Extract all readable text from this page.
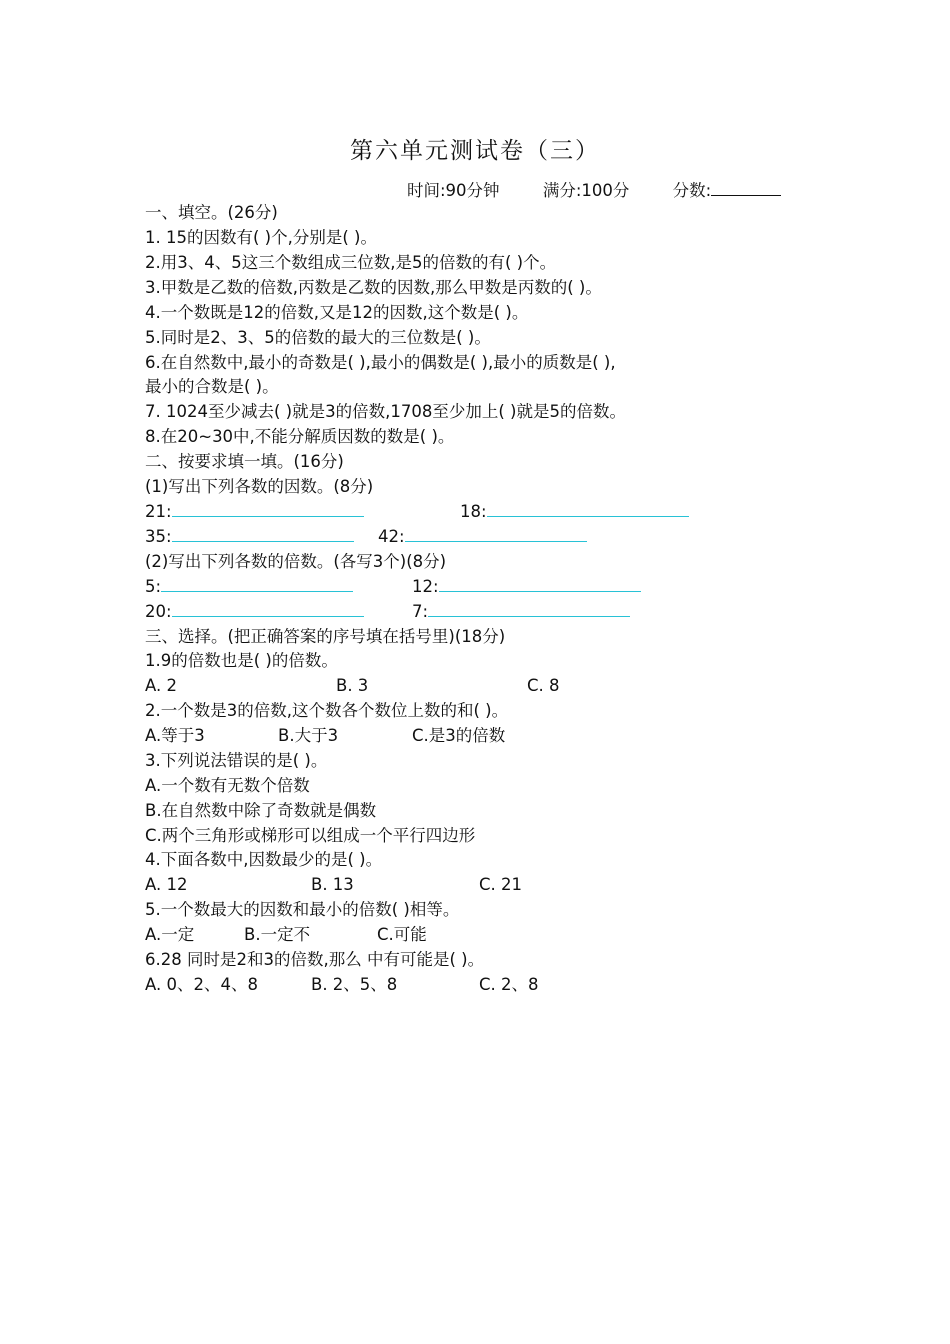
第六单元测试卷（三）
时间:90分钟	满分:100分	分数:
一、填空。(26分)
1. 15的因数有( )个,分别是( )。
2.用3、4、5这三个数组成三位数,是5的倍数的有( )个。
3.甲数是乙数的倍数,丙数是乙数的因数,那么甲数是丙数的( )。
4.一个数既是12的倍数,又是12的因数,这个数是( )。
5.同时是2、3、5的倍数的最大的三位数是( )。
6.在自然数中,最小的奇数是( ),最小的偶数是( ),最小的质数是( ),
最小的合数是( )。
7. 1024至少减去( )就是3的倍数,1708至少加上( )就是5的倍数。
8.在20~30中,不能分解质因数的数是( )。
二、按要求填一填。(16分)
(1)写出下列各数的因数。(8分)
21:	18:
35:	42:
(2)写出下列各数的倍数。(各写3个)(8分)
5:	12:
20:	7:
三、选择。(把正确答案的序号填在括号里)(18分)
1.9的倍数也是( )的倍数。
A. 2	B. 3	C. 8
2.一个数是3的倍数,这个数各个数位上数的和( )。
A.等于3	B.大于3	C.是3的倍数
3.下列说法错误的是( )。
A.一个数有无数个倍数
B.在自然数中除了奇数就是偶数
C.两个三角形或梯形可以组成一个平行四边形
4.下面各数中,因数最少的是( )。
A. 12	B. 13	C. 21
5.一个数最大的因数和最小的倍数( )相等。
A.一定	B.一定不	C.可能
6.28 同时是2和3的倍数,那么 中有可能是( )。
A. 0、2、4、8	B. 2、5、8	C. 2、8
